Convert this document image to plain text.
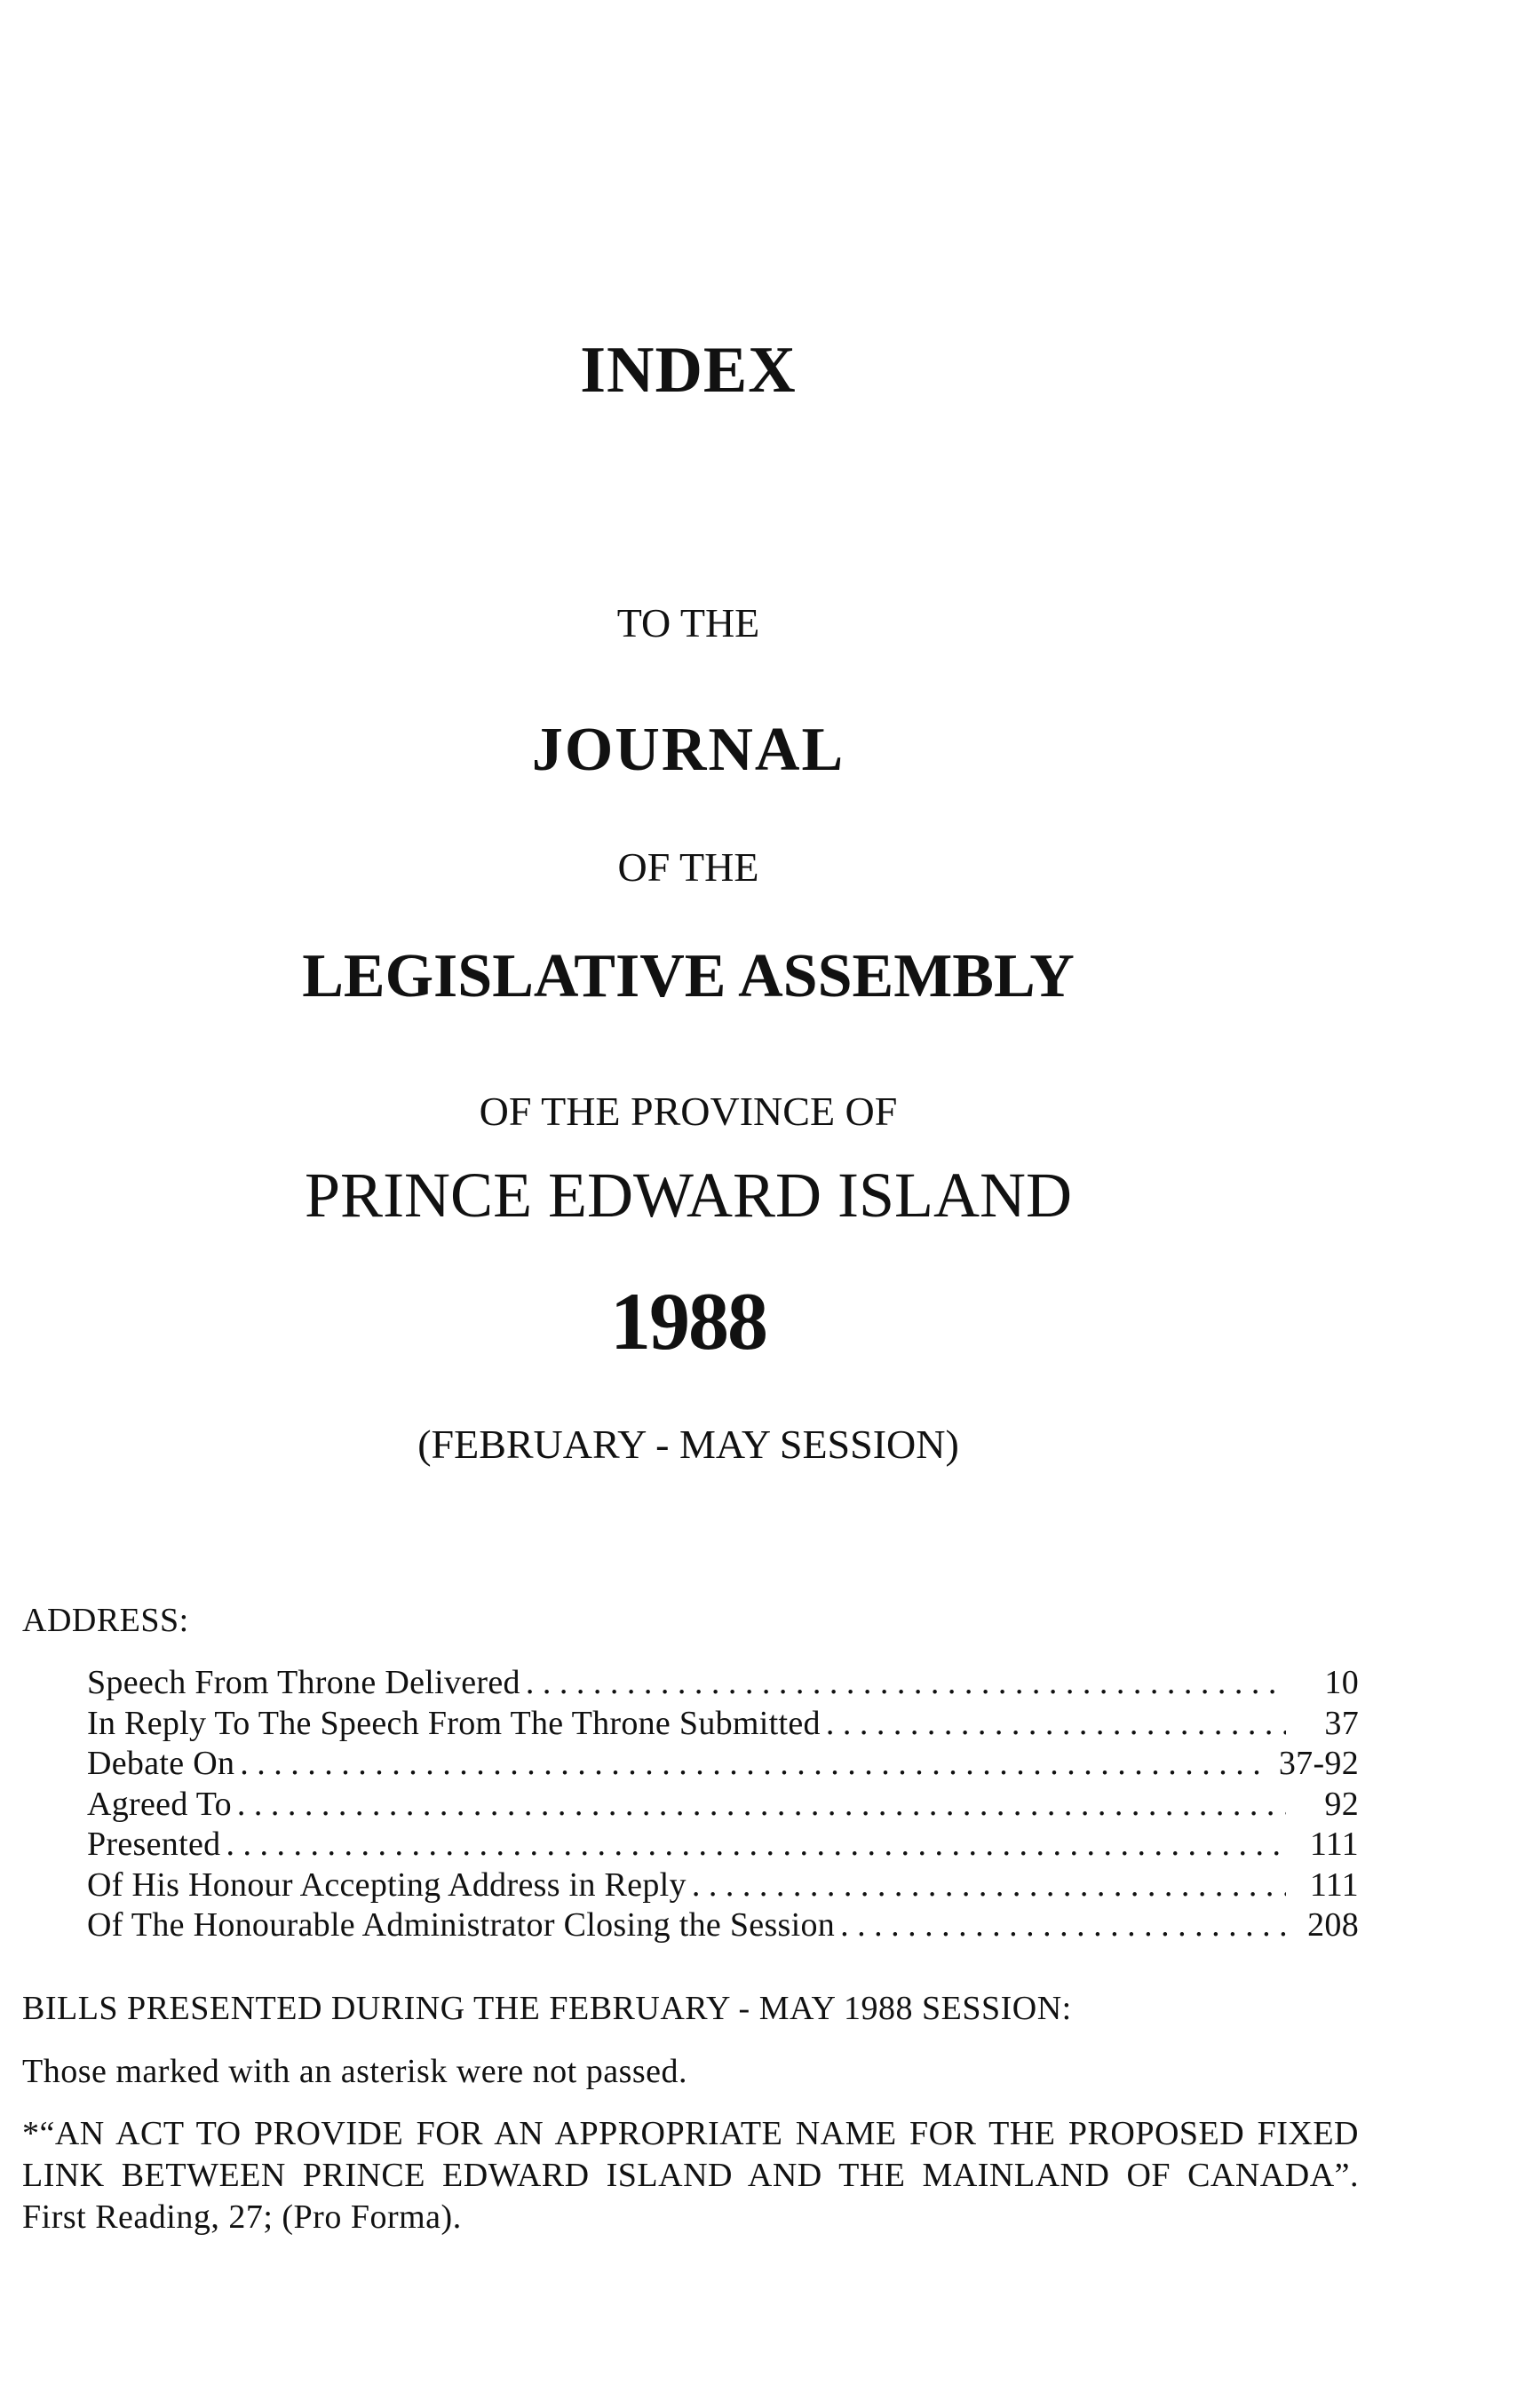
INDEX
TO THE
JOURNAL
OF THE
LEGISLATIVE ASSEMBLY
OF THE PROVINCE OF
PRINCE EDWARD ISLAND
1988
(FEBRUARY - MAY SESSION)
ADDRESS:
Speech From Throne Delivered . . .	10
In Reply To The Speech From The Throne Submitted . . .	37
Debate On . . .	37-92
Agreed To . . .	92
Presented . . .	111
Of His Honour Accepting Address in Reply . . .	111
Of The Honourable Administrator Closing the Session . . .	208
BILLS PRESENTED DURING THE FEBRUARY - MAY 1988 SESSION:
Those marked with an asterisk were not passed.
*“AN ACT TO PROVIDE FOR AN APPROPRIATE NAME FOR THE PROPOSED FIXED LINK BETWEEN PRINCE EDWARD ISLAND AND THE MAINLAND OF CANADA”. First Reading, 27; (Pro Forma).
